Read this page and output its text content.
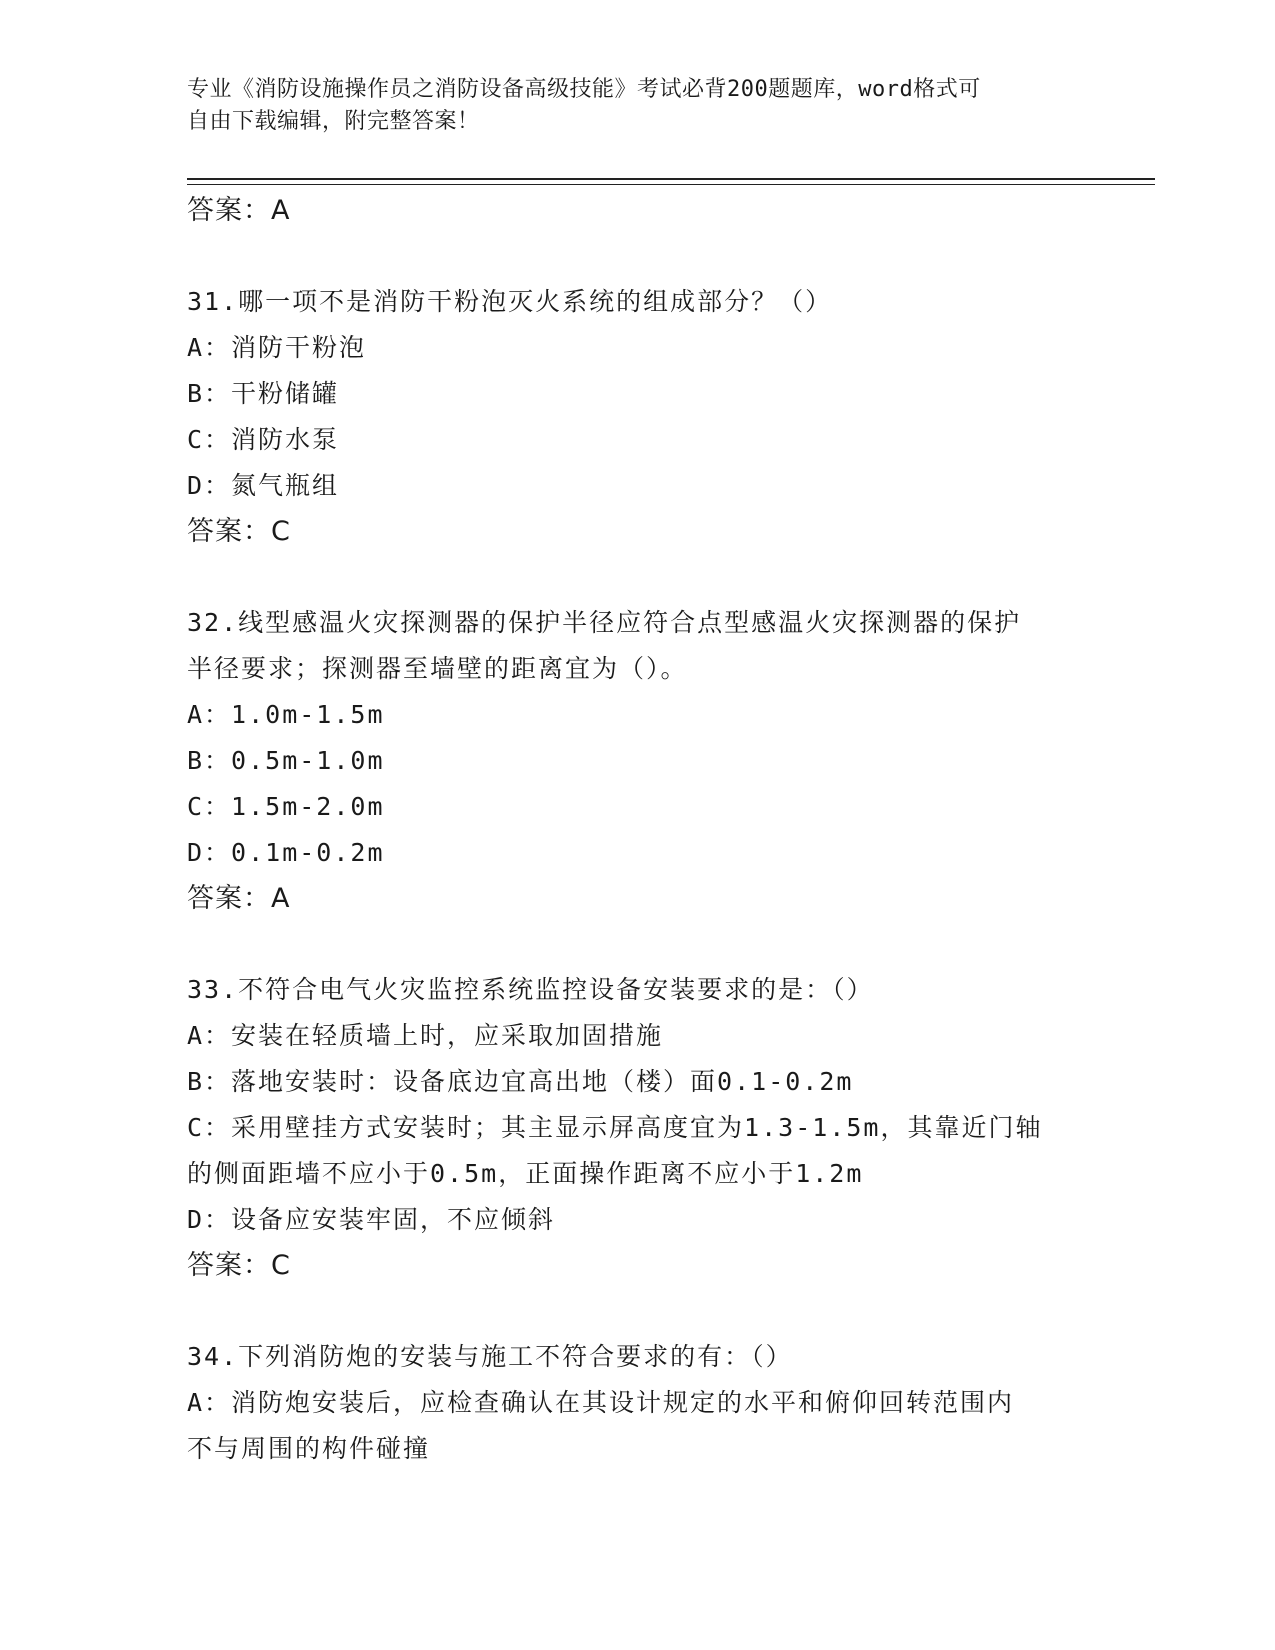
专业《消防设施操作员之消防设备高级技能》考试必背200题题库，word格式可
自由下载编辑，附完整答案！
答案：A
31.哪一项不是消防干粉泡灭火系统的组成部分？（）
A：消防干粉泡
B：干粉储罐
C：消防水泵
D：氮气瓶组
答案：C
32.线型感温火灾探测器的保护半径应符合点型感温火灾探测器的保护
半径要求；探测器至墙壁的距离宜为（）。
A：1.0m-1.5m
B：0.5m-1.0m
C：1.5m-2.0m
D：0.1m-0.2m
答案：A
33.不符合电气火灾监控系统监控设备安装要求的是：（）
A：安装在轻质墙上时，应采取加固措施
B：落地安装时：设备底边宜高出地（楼）面0.1-0.2m
C：采用壁挂方式安装时；其主显示屏高度宜为1.3-1.5m，其靠近门轴
的侧面距墙不应小于0.5m，正面操作距离不应小于1.2m
D：设备应安装牢固，不应倾斜
答案：C
34.下列消防炮的安装与施工不符合要求的有：（）
A：消防炮安装后，应检查确认在其设计规定的水平和俯仰回转范围内
不与周围的构件碰撞
